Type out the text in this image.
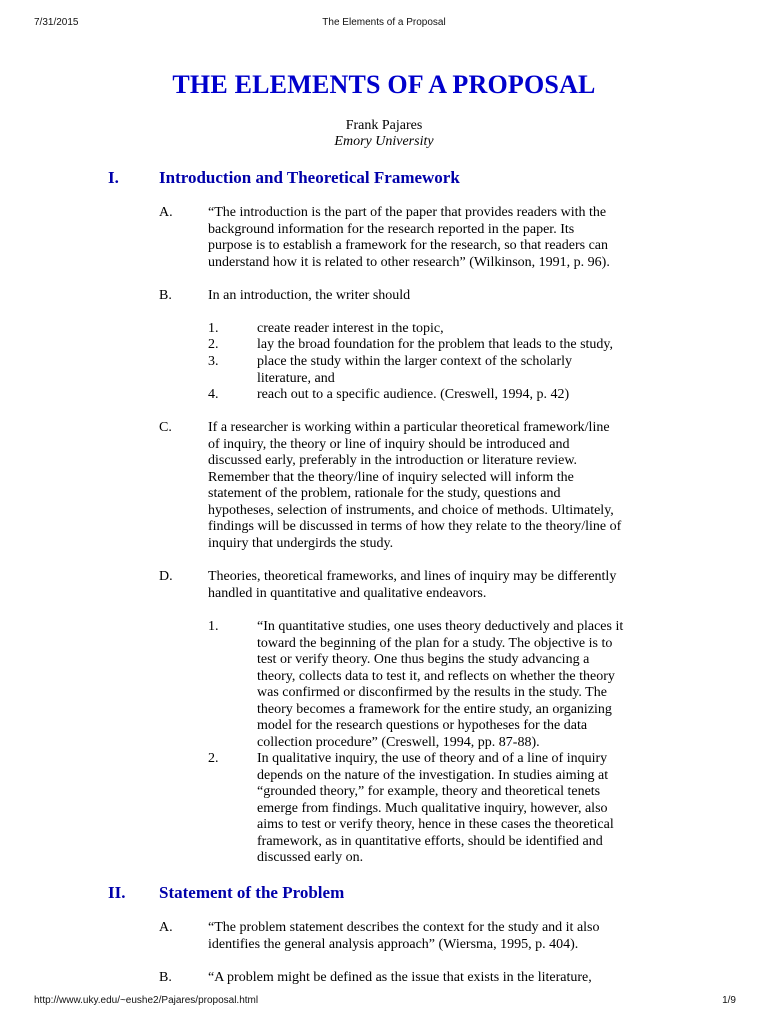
7/31/2015	The Elements of a Proposal
THE ELEMENTS OF A PROPOSAL
Frank Pajares
Emory University
I. Introduction and Theoretical Framework
A.	“The introduction is the part of the paper that provides readers with the
background information for the research reported in the paper. Its
purpose is to establish a framework for the research, so that readers can
understand how it is related to other research” (Wilkinson, 1991, p. 96).
B.	In an introduction, the writer should
1.	create reader interest in the topic,
2.	lay the broad foundation for the problem that leads to the study,
3.	place the study within the larger context of the scholarly
literature, and
4.	reach out to a specific audience. (Creswell, 1994, p. 42)
C.	If a researcher is working within a particular theoretical framework/line
of inquiry, the theory or line of inquiry should be introduced and
discussed early, preferably in the introduction or literature review.
Remember that the theory/line of inquiry selected will inform the
statement of the problem, rationale for the study, questions and
hypotheses, selection of instruments, and choice of methods. Ultimately,
findings will be discussed in terms of how they relate to the theory/line of
inquiry that undergirds the study.
D.	Theories, theoretical frameworks, and lines of inquiry may be differently
handled in quantitative and qualitative endeavors.
1.	“In quantitative studies, one uses theory deductively and places it
toward the beginning of the plan for a study. The objective is to
test or verify theory. One thus begins the study advancing a
theory, collects data to test it, and reflects on whether the theory
was confirmed or disconfirmed by the results in the study. The
theory becomes a framework for the entire study, an organizing
model for the research questions or hypotheses for the data
collection procedure” (Creswell, 1994, pp. 87-88).
2.	In qualitative inquiry, the use of theory and of a line of inquiry
depends on the nature of the investigation. In studies aiming at
“grounded theory,” for example, theory and theoretical tenets
emerge from findings. Much qualitative inquiry, however, also
aims to test or verify theory, hence in these cases the theoretical
framework, as in quantitative efforts, should be identified and
discussed early on.
II. Statement of the Problem
A.	“The problem statement describes the context for the study and it also
identifies the general analysis approach” (Wiersma, 1995, p. 404).
B.	“A problem might be defined as the issue that exists in the literature,
http://www.uky.edu/~eushe2/Pajares/proposal.html	1/9
